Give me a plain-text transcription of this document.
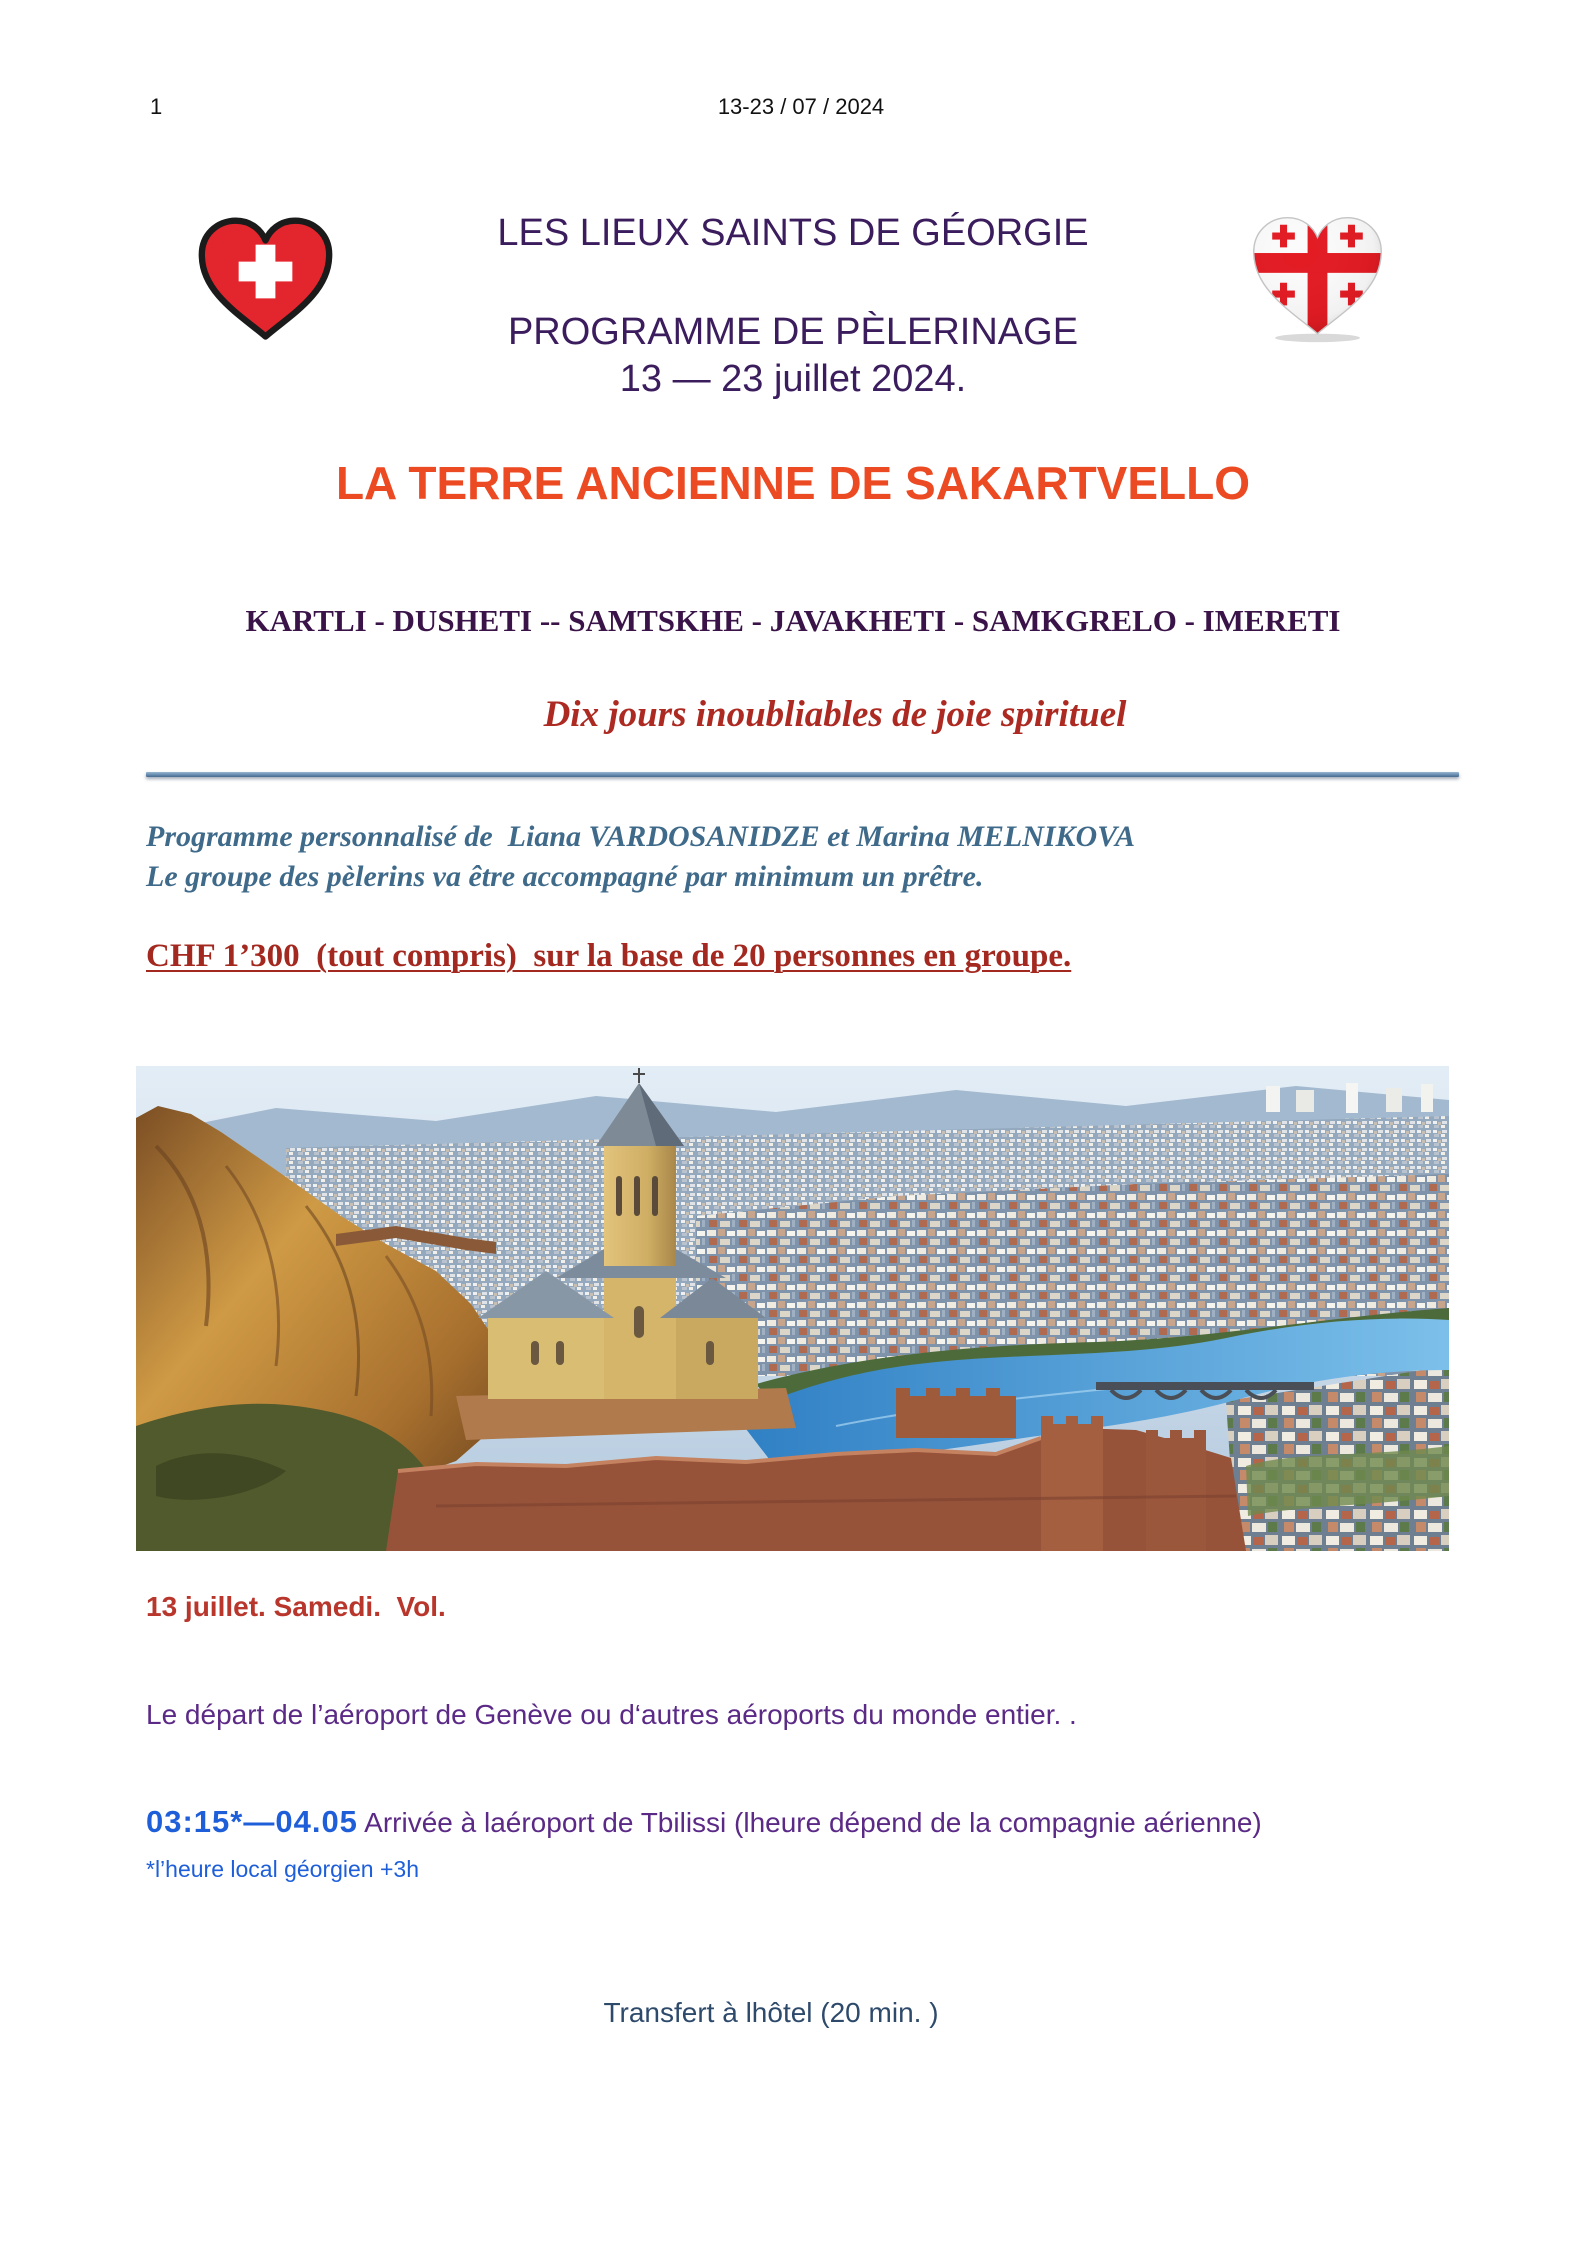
1	13-23 / 07 / 2024
LES LIEUX SAINTS DE GÉORGIE
PROGRAMME DE PÈLERINAGE
13 — 23 juillet 2024.
LA TERRE ANCIENNE DE SAKARTVELLO
KARTLI - DUSHETI -- SAMTSKHE - JAVAKHETI - SAMKGRELO - IMERETI
Dix jours inoubliables de joie spirituel
Programme personnalisé de  Liana VARDOSANIDZE et Marina MELNIKOVA
Le groupe des pèlerins va être accompagné par minimum un prêtre.
CHF 1’300  (tout compris)  sur la base de 20 personnes en groupe.
13 juillet. Samedi.  Vol.
Le départ de l’aéroport de Genève ou d‘autres aéroports du monde entier. .
03:15*—04.05 Arrivée à laéroport de Tbilissi (lheure dépend de la compagnie aérienne)
*l’heure local géorgien +3h
Transfert à lhôtel (20 min. )
